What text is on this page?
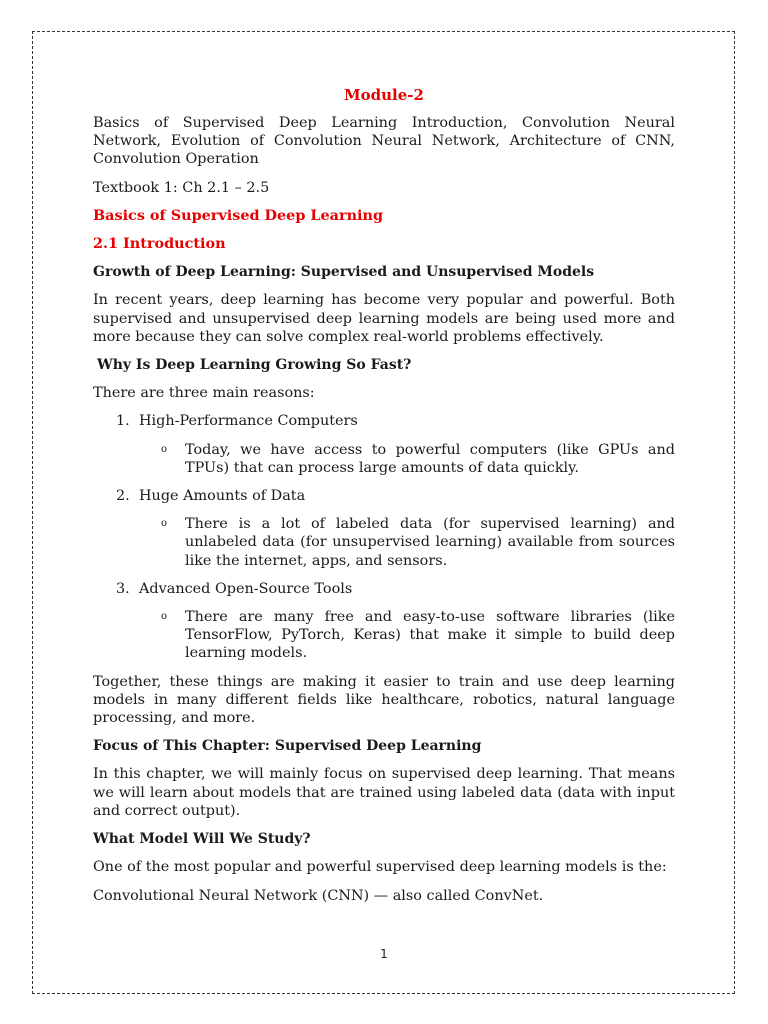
Module-2

Basics of Supervised Deep Learning Introduction, Convolution Neural Network, Evolution of Convolution Neural Network, Architecture of CNN, Convolution Operation

Textbook 1: Ch 2.1 – 2.5

Basics of Supervised Deep Learning
2.1 Introduction
Growth of Deep Learning: Supervised and Unsupervised Models

In recent years, deep learning has become very popular and powerful. Both supervised and unsupervised deep learning models are being used more and more because they can solve complex real-world problems effectively.

Why Is Deep Learning Growing So Fast?

There are three main reasons:

1. High-Performance Computers
o Today, we have access to powerful computers (like GPUs and TPUs) that can process large amounts of data quickly.
2. Huge Amounts of Data
o There is a lot of labeled data (for supervised learning) and unlabeled data (for unsupervised learning) available from sources like the internet, apps, and sensors.
3. Advanced Open-Source Tools
o There are many free and easy-to-use software libraries (like TensorFlow, PyTorch, Keras) that make it simple to build deep learning models.

Together, these things are making it easier to train and use deep learning models in many different fields like healthcare, robotics, natural language processing, and more.

Focus of This Chapter: Supervised Deep Learning

In this chapter, we will mainly focus on supervised deep learning. That means we will learn about models that are trained using labeled data (data with input and correct output).

What Model Will We Study?

One of the most popular and powerful supervised deep learning models is the:

Convolutional Neural Network (CNN) — also called ConvNet.

1
